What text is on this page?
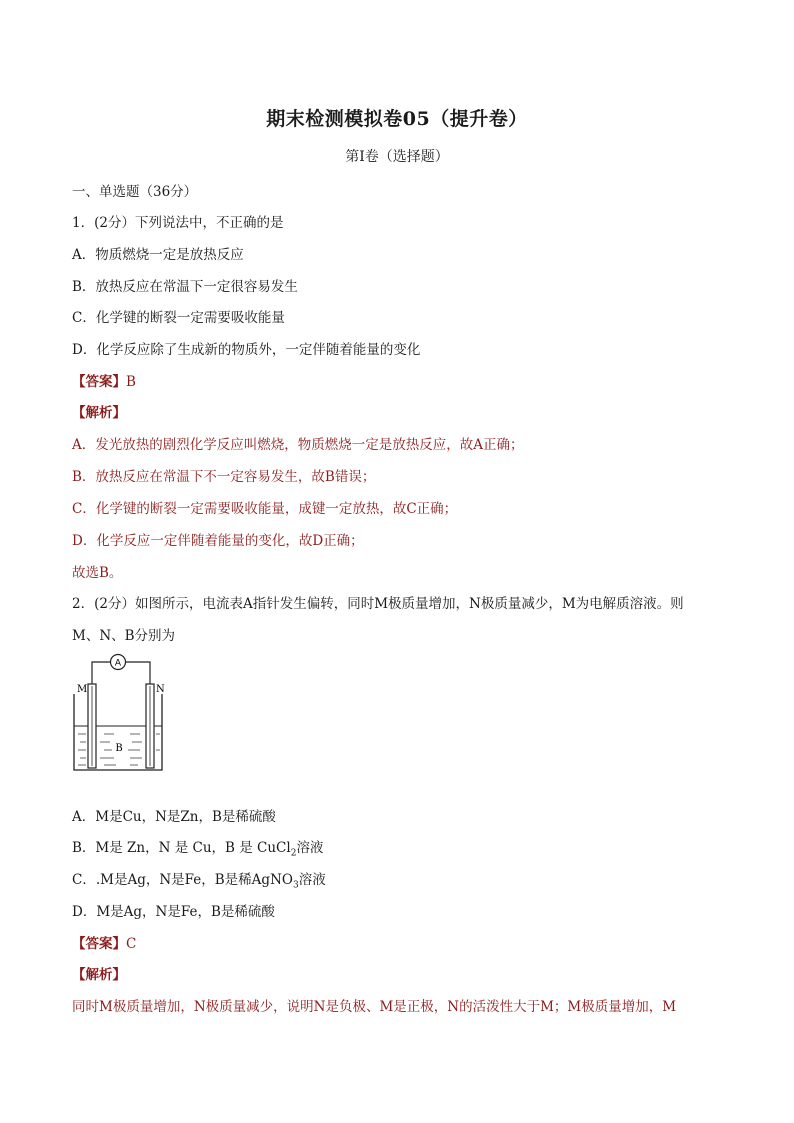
期末检测模拟卷05（提升卷）
第I卷（选择题）
一、单选题（36分）
1．(2分）下列说法中，不正确的是
A．物质燃烧一定是放热反应
B．放热反应在常温下一定很容易发生
C．化学键的断裂一定需要吸收能量
D．化学反应除了生成新的物质外，一定伴随着能量的变化
【答案】B
【解析】
A．发光放热的剧烈化学反应叫燃烧，物质燃烧一定是放热反应，故A正确；
B．放热反应在常温下不一定容易发生，故B错误；
C．化学键的断裂一定需要吸收能量，成键一定放热，故C正确；
D．化学反应一定伴随着能量的变化，故D正确；
故选B。
2．(2分）如图所示，电流表A指针发生偏转，同时M极质量增加，N极质量减少，M为电解质溶液。则
M、N、B分别为
A
M	N
B
A．M是Cu，N是Zn，B是稀硫酸
B．M是 Zn，N 是 Cu，B 是 CuCl$_2$溶液
C．.M是Ag，N是Fe，B是稀AgNO$_3$溶液
D．M是Ag，N是Fe，B是稀硫酸
【答案】C
【解析】
同时M极质量增加，N极质量减少，说明N是负极、M是正极，N的活泼性大于M；M极质量增加，M
